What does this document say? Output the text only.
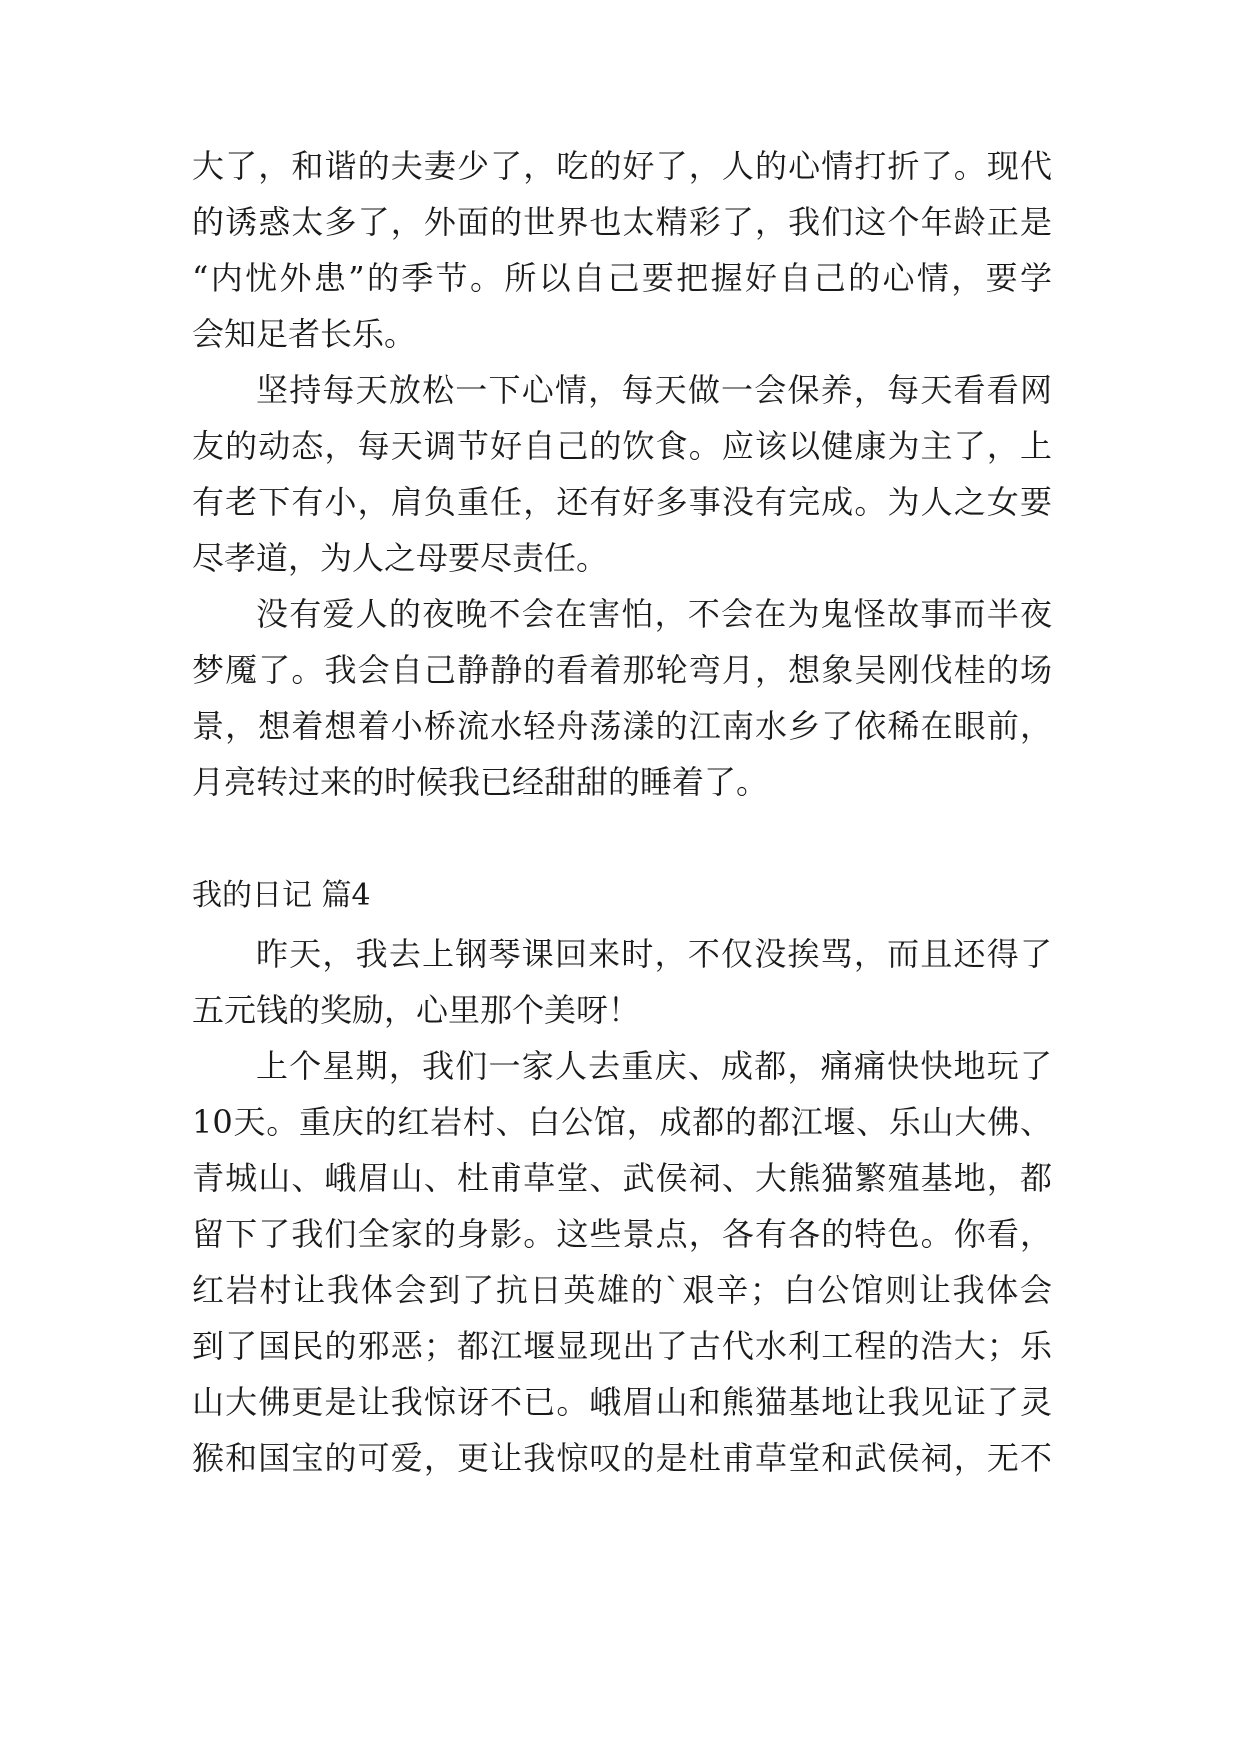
大了，和谐的夫妻少了，吃的好了，人的心情打折了。现代
的诱惑太多了，外面的世界也太精彩了，我们这个年龄正是
“内忧外患”的季节。所以自己要把握好自己的心情，要学
会知足者长乐。
坚持每天放松一下心情，每天做一会保养，每天看看网
友的动态，每天调节好自己的饮食。应该以健康为主了，上
有老下有小，肩负重任，还有好多事没有完成。为人之女要
尽孝道，为人之母要尽责任。
没有爱人的夜晚不会在害怕，不会在为鬼怪故事而半夜
梦魇了。我会自己静静的看着那轮弯月，想象吴刚伐桂的场
景，想着想着小桥流水轻舟荡漾的江南水乡了依稀在眼前，
月亮转过来的时候我已经甜甜的睡着了。
我的日记 篇4
昨天，我去上钢琴课回来时，不仅没挨骂，而且还得了
五元钱的奖励，心里那个美呀！
上个星期，我们一家人去重庆、成都，痛痛快快地玩了
10天。重庆的红岩村、白公馆，成都的都江堰、乐山大佛、
青城山、峨眉山、杜甫草堂、武侯祠、大熊猫繁殖基地，都
留下了我们全家的身影。这些景点，各有各的特色。你看，
红岩村让我体会到了抗日英雄的`艰辛；白公馆则让我体会
到了国民的邪恶；都江堰显现出了古代水利工程的浩大；乐
山大佛更是让我惊讶不已。峨眉山和熊猫基地让我见证了灵
猴和国宝的可爱，更让我惊叹的是杜甫草堂和武侯祠，无不
